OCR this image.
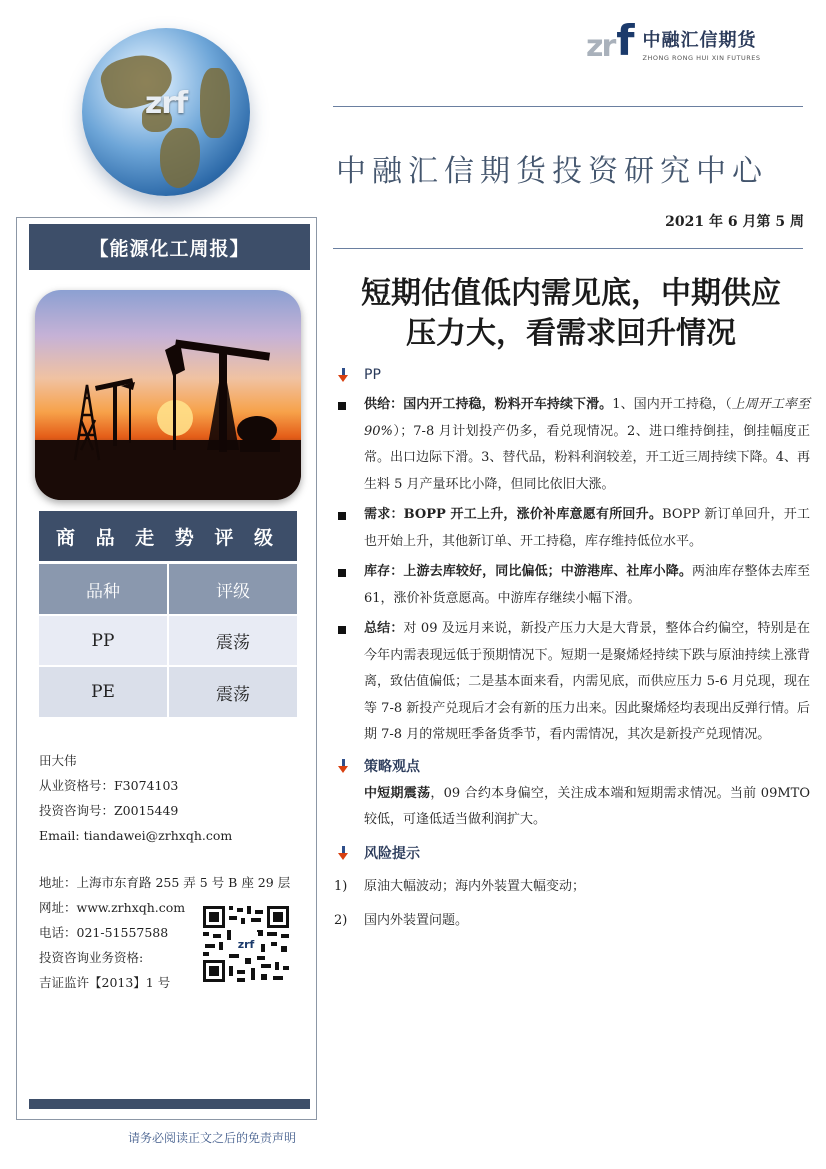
zrf
zr f 中融汇信期货
ZHONG RONG HUI XIN FUTURES
中融汇信期货投资研究中心
2021 年 6 月第 5 周
短期估值低内需见底，中期供应
压力大，看需求回升情况
【能源化工周报】
商 品 走 势 评 级
品种	评级
PP	震荡
PE	震荡
田大伟
从业资格号：F3074103
投资咨询号：Z0015449
Email: tiandawei@zrhxqh.com
地址：上海市东育路 255 弄 5 号 B 座 29 层
网址：www.zrhxqh.com
电话：021-51557588
投资咨询业务资格:
吉证监许【2013】1 号
zrf
请务必阅读正文之后的免责声明
PP
供给：国内开工持稳，粉料开车持续下滑。1、国内开工持稳，（上周开工率至 90%）；7-8 月计划投产仍多，看兑现情况。2、进口维持倒挂，倒挂幅度正常。出口边际下滑。3、替代品，粉料利润较差，开工近三周持续下降。4、再生料 5 月产量环比小降，但同比依旧大涨。
需求：BOPP 开工上升，涨价补库意愿有所回升。BOPP 新订单回升，开工也开始上升，其他新订单、开工持稳，库存维持低位水平。
库存：上游去库较好，同比偏低；中游港库、社库小降。两油库存整体去库至 61，涨价补货意愿高。中游库存继续小幅下滑。
总结：对 09 及远月来说，新投产压力大是大背景，整体合约偏空，特别是在今年内需表现远低于预期情况下。短期一是聚烯烃持续下跌与原油持续上涨背离，致估值偏低；二是基本面来看，内需见底，而供应压力 5-6 月兑现，现在等 7-8 新投产兑现后才会有新的压力出来。因此聚烯烃均表现出反弹行情。后期 7-8 月的常规旺季备货季节，看内需情况，其次是新投产兑现情况。
策略观点
中短期震荡，09 合约本身偏空，关注成本端和短期需求情况。当前 09MTO 较低，可逢低适当做利润扩大。
风险提示
1)	原油大幅波动；海内外装置大幅变动；
2)	国内外装置问题。
